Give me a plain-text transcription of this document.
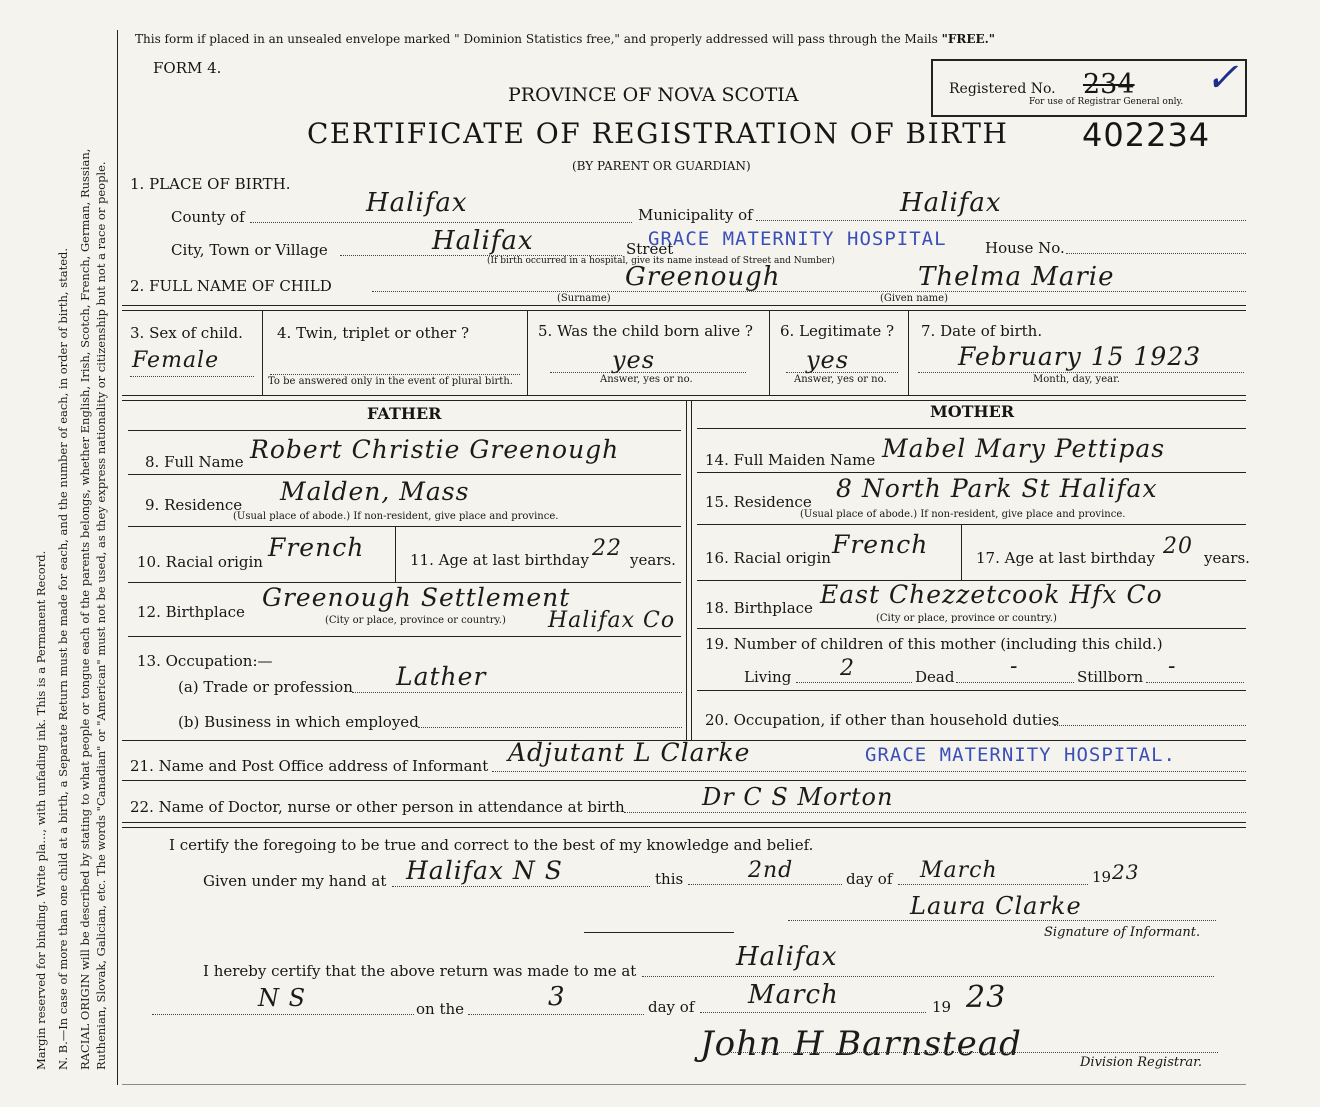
Margin reserved for binding. Write pla..., with unfading ink. This is a Permanent Record. N. B.—In case of more than one child at a birth, a Separate Return must be made for each, and the number of each, in order of birth, stated. RACIAL ORIGIN will be described by stating to what people or tongue each of the parents belongs, whether English, Irish, Scotch, French, German, Russian, Ruthenian, Slovak, Galician, etc. The words "Canadian" or "American" must not be used, as they express nationality or citizenship but not a race or people.
This form if placed in an unsealed envelope marked " Dominion Statistics free," and properly addressed will pass through the Mails "FREE."
FORM 4.
PROVINCE OF NOVA SCOTIA
CERTIFICATE OF REGISTRATION OF BIRTH 402234
(BY PARENT OR GUARDIAN)
Registered No. 234
For use of Registrar General only.
✓
1. PLACE OF BIRTH.
County of	Halifax	Municipality of	Halifax
City, Town or Village	Halifax	Street
GRACE MATERNITY HOSPITAL	House No.
(If birth occurred in a hospital, give its name instead of Street and Number)
2. FULL NAME OF CHILD	Greenough	Thelma Marie
(Surname)	(Given name)
3. Sex of child.
Female
4. Twin, triplet or other ?
To be answered only in the event of plural birth.
5. Was the child born alive ?
yes
Answer, yes or no.
6. Legitimate ?
yes
Answer, yes or no.
7. Date of birth.
February 15 1923
Month, day, year.
FATHER	MOTHER
8. Full Name Robert Christie Greenough
9. Residence Malden, Mass
(Usual place of abode.) If non-resident, give place and province.
10. Racial origin French	11. Age at last birthday 22 years.
12. Birthplace Greenough Settlement
Halifax Co
(City or place, province or country.)
13. Occupation:—
(a) Trade or profession Lather
(b) Business in which employed
14. Full Maiden Name Mabel Mary Pettipas
15. Residence 8 North Park St Halifax
(Usual place of abode.) If non-resident, give place and province.
16. Racial origin French	17. Age at last birthday 20 years.
18. Birthplace East Chezzetcook Hfx Co
(City or place, province or country.)
19. Number of children of this mother (including this child.)
Living 2	Dead	-	Stillborn -
20. Occupation, if other than household duties
21. Name and Post Office address of Informant Adjutant L Clarke	GRACE MATERNITY HOSPITAL.
22. Name of Doctor, nurse or other person in attendance at birth	Dr C S Morton
I certify the foregoing to be true and correct to the best of my knowledge and belief.
Given under my hand at Halifax N S	this	2nd	day of March	19 23
Laura Clarke
Signature of Informant.
I hereby certify that the above return was made to me at	Halifax
N S	on the	3	day of March	19 23
John H Barnstead	Division Registrar.
